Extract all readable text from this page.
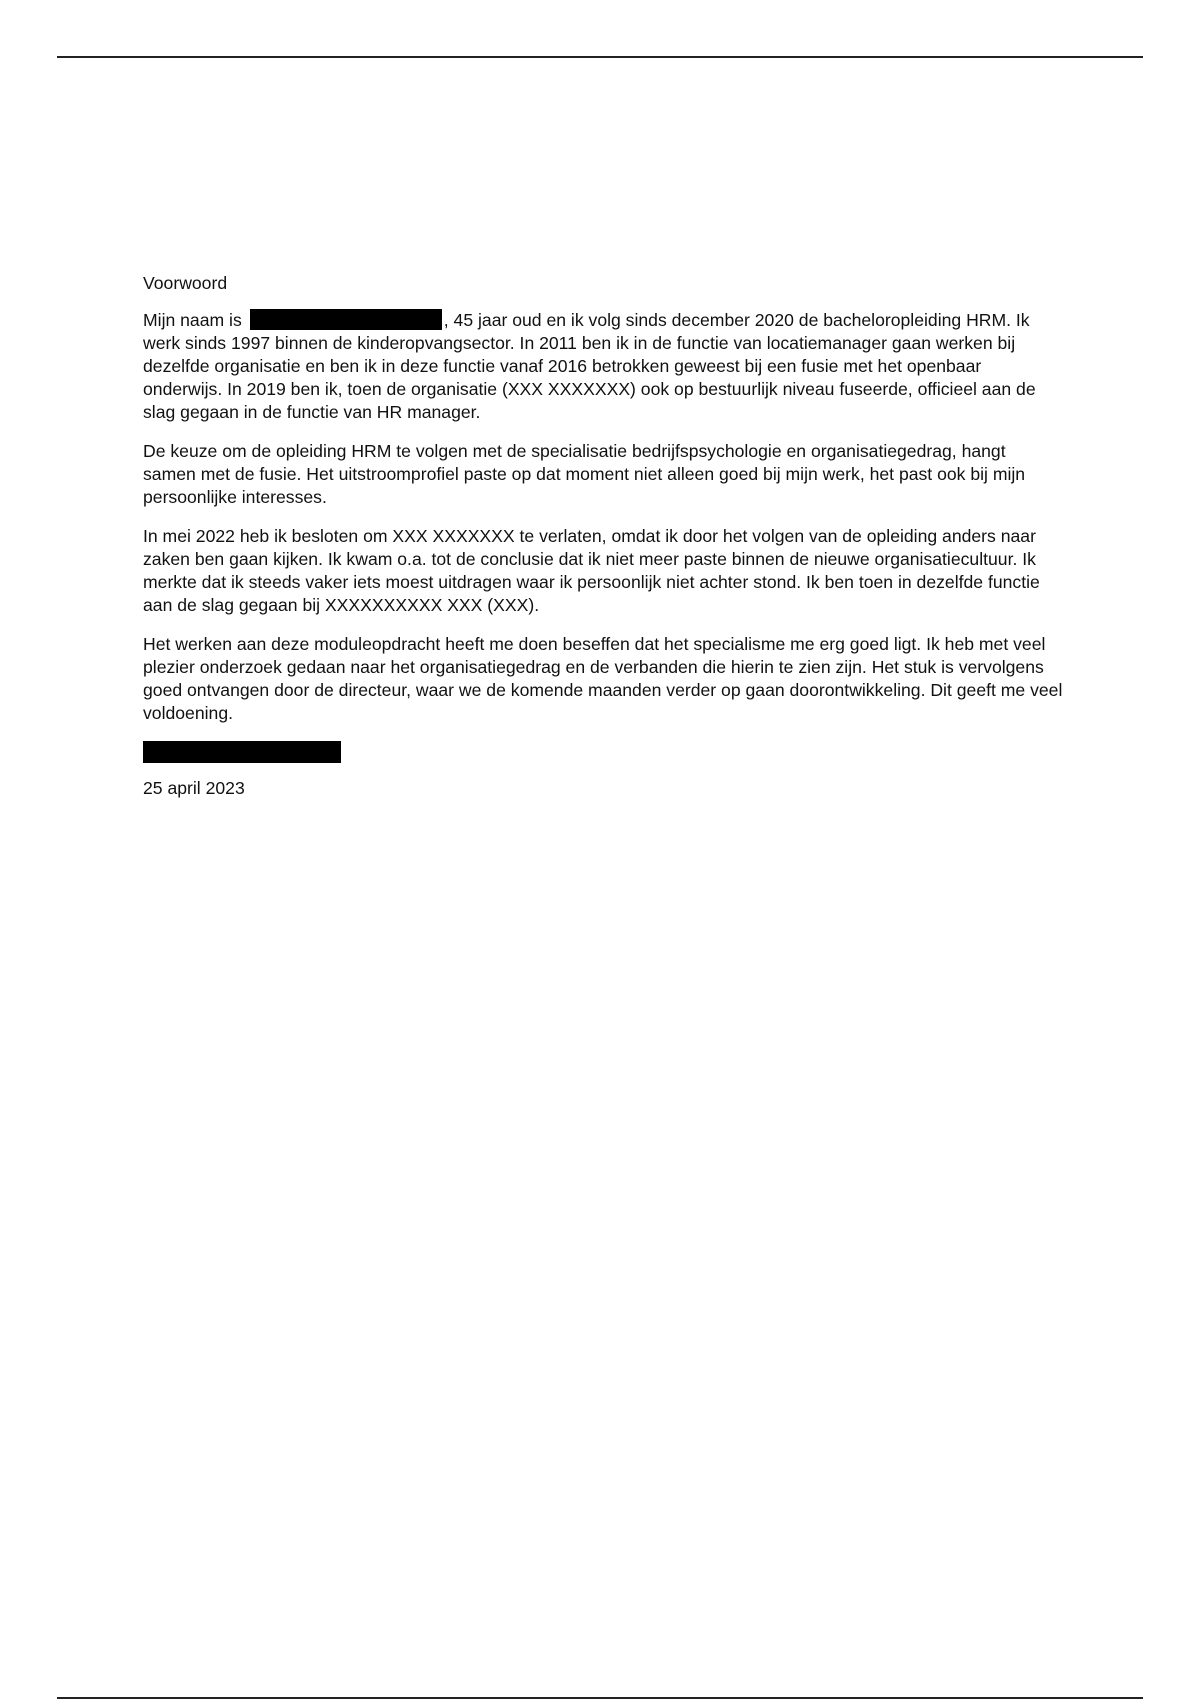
Voorwoord

Mijn naam is	, 45 jaar oud en ik volg sinds december 2020 de bacheloropleiding HRM. Ik werk sinds 1997 binnen de kinderopvangsector. In 2011 ben ik in de functie van locatiemanager gaan werken bij dezelfde organisatie en ben ik in deze functie vanaf 2016 betrokken geweest bij een fusie met het openbaar onderwijs. In 2019 ben ik, toen de organisatie (XXX XXXXXXX) ook op bestuurlijk niveau fuseerde, officieel aan de slag gegaan in de functie van HR manager.

De keuze om de opleiding HRM te volgen met de specialisatie bedrijfspsychologie en organisatiegedrag, hangt samen met de fusie. Het uitstroomprofiel paste op dat moment niet alleen goed bij mijn werk, het past ook bij mijn persoonlijke interesses.

In mei 2022 heb ik besloten om XXX XXXXXXX te verlaten, omdat ik door het volgen van de opleiding anders naar zaken ben gaan kijken. Ik kwam o.a. tot de conclusie dat ik niet meer paste binnen de nieuwe organisatiecultuur. Ik merkte dat ik steeds vaker iets moest uitdragen waar ik persoonlijk niet achter stond. Ik ben toen in dezelfde functie aan de slag gegaan bij XXXXXXXXXX XXX (XXX).

Het werken aan deze moduleopdracht heeft me doen beseffen dat het specialisme me erg goed ligt. Ik heb met veel plezier onderzoek gedaan naar het organisatiegedrag en de verbanden die hierin te zien zijn. Het stuk is vervolgens goed ontvangen door de directeur, waar we de komende maanden verder op gaan doorontwikkeling. Dit geeft me veel voldoening.

25 april 2023
